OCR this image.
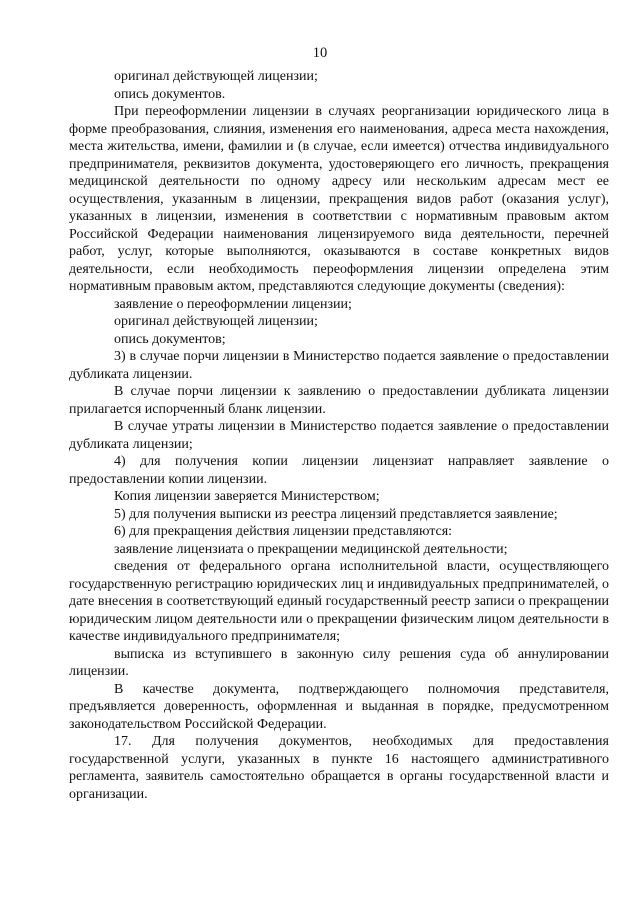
10

оригинал действующей лицензии;

опись документов.

При переоформлении лицензии в случаях реорганизации юридического лица в форме преобразования, слияния, изменения его наименования, адреса места нахождения, места жительства, имени, фамилии и (в случае, если имеется) отчества индивидуального предпринимателя, реквизитов документа, удостоверяющего его личность, прекращения медицинской деятельности по одному адресу или нескольким адресам мест ее осуществления, указанным в лицензии, прекращения видов работ (оказания услуг), указанных в лицензии, изменения в соответствии с нормативным правовым актом Российской Федерации наименования лицензируемого вида деятельности, перечней работ, услуг, которые выполняются, оказываются в составе конкретных видов деятельности, если необходимость переоформления лицензии определена этим нормативным правовым актом, представляются следующие документы (сведения):

заявление о переоформлении лицензии;

оригинал действующей лицензии;

опись документов;

3) в случае порчи лицензии в Министерство подается заявление о предоставлении дубликата лицензии.

В случае порчи лицензии к заявлению о предоставлении дубликата лицензии прилагается испорченный бланк лицензии.

В случае утраты лицензии в Министерство подается заявление о предоставлении дубликата лицензии;

4) для получения копии лицензии лицензиат направляет заявление о предоставлении копии лицензии.

Копия лицензии заверяется Министерством;

5) для получения выписки из реестра лицензий представляется заявление;

6) для прекращения действия лицензии представляются:

заявление лицензиата о прекращении медицинской деятельности;

сведения от федерального органа исполнительной власти, осуществляющего государственную регистрацию юридических лиц и индивидуальных предпринимателей, о дате внесения в соответствующий единый государственный реестр записи о прекращении юридическим лицом деятельности или о прекращении физическим лицом деятельности в качестве индивидуального предпринимателя;

выписка из вступившего в законную силу решения суда об аннулировании лицензии.

В качестве документа, подтверждающего полномочия представителя, предъявляется доверенность, оформленная и выданная в порядке, предусмотренном законодательством Российской Федерации.

17. Для получения документов, необходимых для предоставления государственной услуги, указанных в пункте 16 настоящего административного регламента, заявитель самостоятельно обращается в органы государственной власти и организации.
